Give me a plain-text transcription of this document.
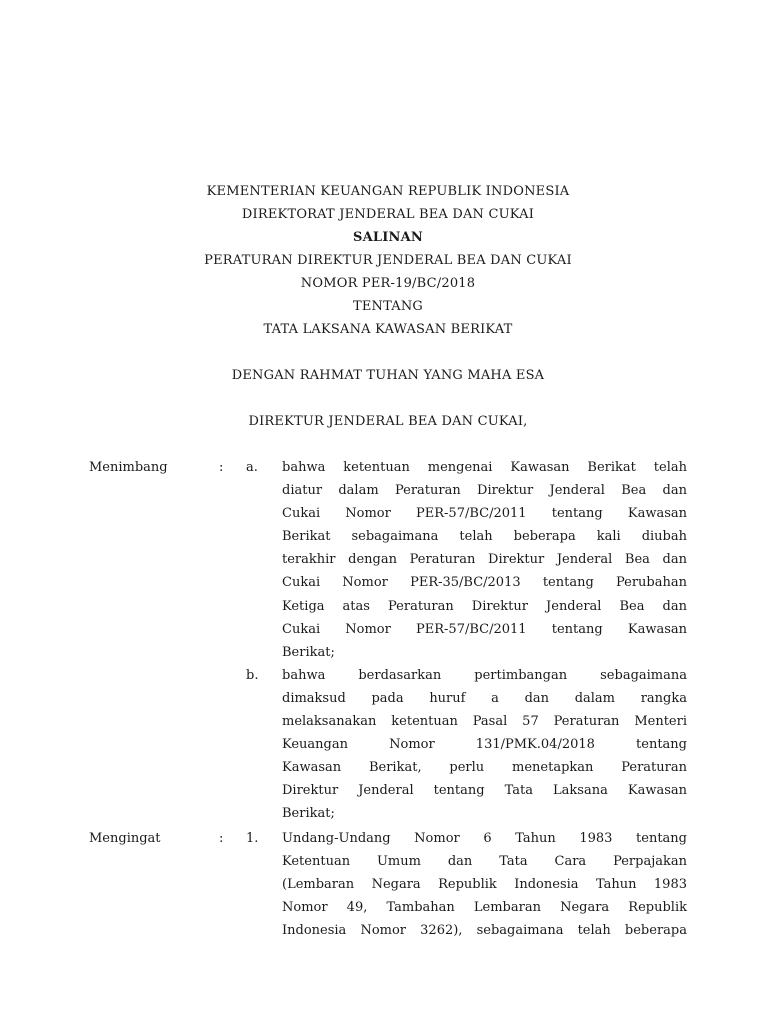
KEMENTERIAN KEUANGAN REPUBLIK INDONESIA
DIREKTORAT JENDERAL BEA DAN CUKAI
SALINAN
PERATURAN DIREKTUR JENDERAL BEA DAN CUKAI
NOMOR PER-19/BC/2018
TENTANG
TATA LAKSANA KAWASAN BERIKAT
DENGAN RAHMAT TUHAN YANG MAHA ESA
DIREKTUR JENDERAL BEA DAN CUKAI,
Menimbang	: a. bahwa ketentuan mengenai Kawasan Berikat telah
diatur dalam Peraturan Direktur Jenderal Bea dan
Cukai Nomor PER-57/BC/2011 tentang Kawasan
Berikat sebagaimana telah beberapa kali diubah
terakhir dengan Peraturan Direktur Jenderal Bea dan
Cukai Nomor PER-35/BC/2013 tentang Perubahan
Ketiga atas Peraturan Direktur Jenderal Bea dan
Cukai Nomor PER-57/BC/2011 tentang Kawasan
Berikat;
b. bahwa berdasarkan pertimbangan sebagaimana
dimaksud pada huruf a dan dalam rangka
melaksanakan ketentuan Pasal 57 Peraturan Menteri
Keuangan Nomor 131/PMK.04/2018 tentang
Kawasan Berikat, perlu menetapkan Peraturan
Direktur Jenderal tentang Tata Laksana Kawasan
Berikat;
Mengingat	: 1. Undang-Undang Nomor 6 Tahun 1983 tentang
Ketentuan Umum dan Tata Cara Perpajakan
(Lembaran Negara Republik Indonesia Tahun 1983
Nomor 49, Tambahan Lembaran Negara Republik
Indonesia Nomor 3262), sebagaimana telah beberapa
